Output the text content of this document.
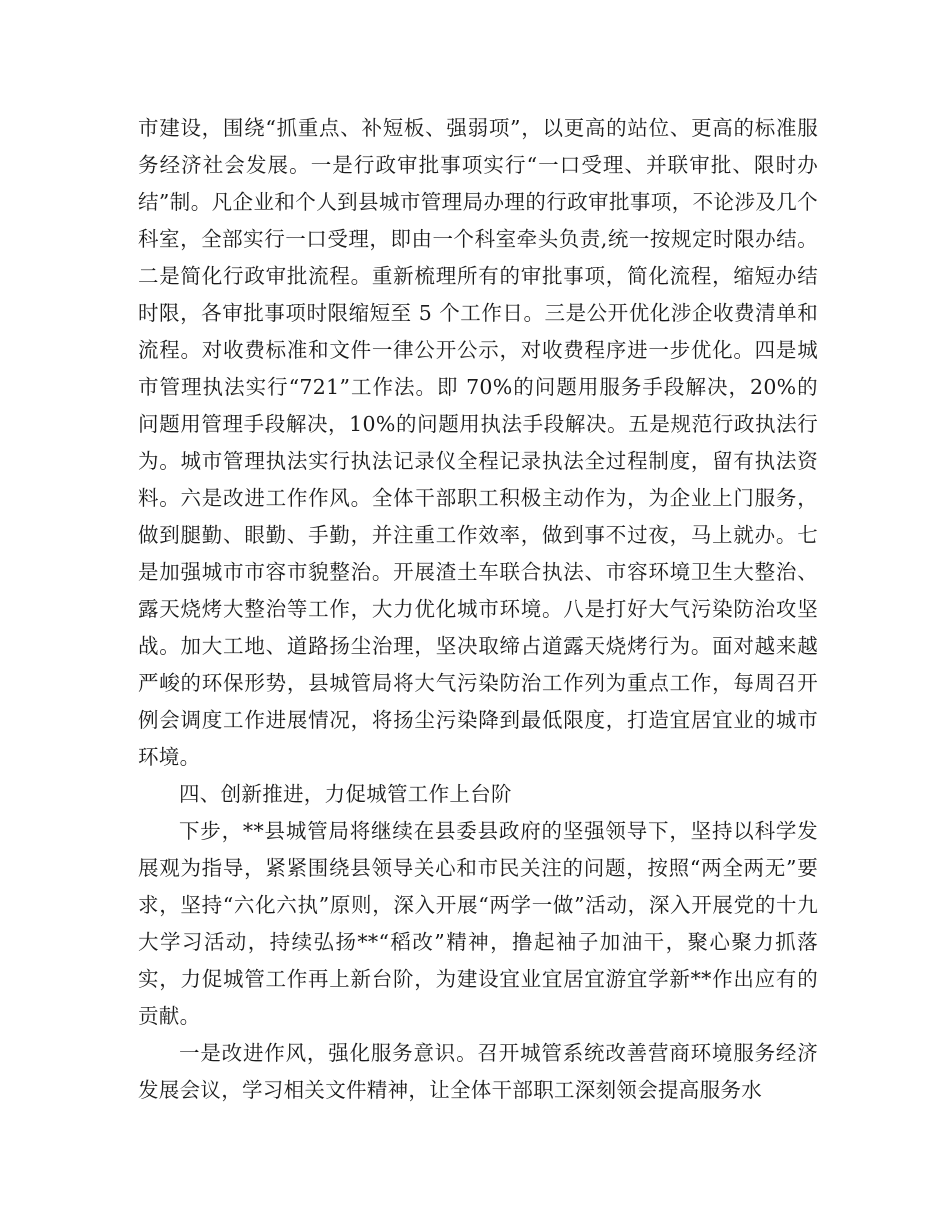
市建设，围绕“抓重点、补短板、强弱项”，以更高的站位、更高的标准服务经济社会发展。一是行政审批事项实行“一口受理、并联审批、限时办结”制。凡企业和个人到县城市管理局办理的行政审批事项，不论涉及几个科室，全部实行一口受理，即由一个科室牵头负责,统一按规定时限办结。二是简化行政审批流程。重新梳理所有的审批事项，简化流程，缩短办结时限，各审批事项时限缩短至 5 个工作日。三是公开优化涉企收费清单和流程。对收费标准和文件一律公开公示，对收费程序进一步优化。四是城市管理执法实行“721”工作法。即 70%的问题用服务手段解决，20%的问题用管理手段解决，10%的问题用执法手段解决。五是规范行政执法行为。城市管理执法实行执法记录仪全程记录执法全过程制度，留有执法资料。六是改进工作作风。全体干部职工积极主动作为，为企业上门服务，做到腿勤、眼勤、手勤，并注重工作效率，做到事不过夜，马上就办。七是加强城市市容市貌整治。开展渣土车联合执法、市容环境卫生大整治、露天烧烤大整治等工作，大力优化城市环境。八是打好大气污染防治攻坚战。加大工地、道路扬尘治理，坚决取缔占道露天烧烤行为。面对越来越严峻的环保形势，县城管局将大气污染防治工作列为重点工作，每周召开例会调度工作进展情况，将扬尘污染降到最低限度，打造宜居宜业的城市环境。

四、创新推进，力促城管工作上台阶

下步，**县城管局将继续在县委县政府的坚强领导下，坚持以科学发展观为指导，紧紧围绕县领导关心和市民关注的问题，按照“两全两无”要求，坚持“六化六执”原则，深入开展“两学一做”活动，深入开展党的十九大学习活动，持续弘扬**“稻改”精神，撸起袖子加油干，聚心聚力抓落实，力促城管工作再上新台阶，为建设宜业宜居宜游宜学新**作出应有的贡献。

一是改进作风，强化服务意识。召开城管系统改善营商环境服务经济发展会议，学习相关文件精神，让全体干部职工深刻领会提高服务水
